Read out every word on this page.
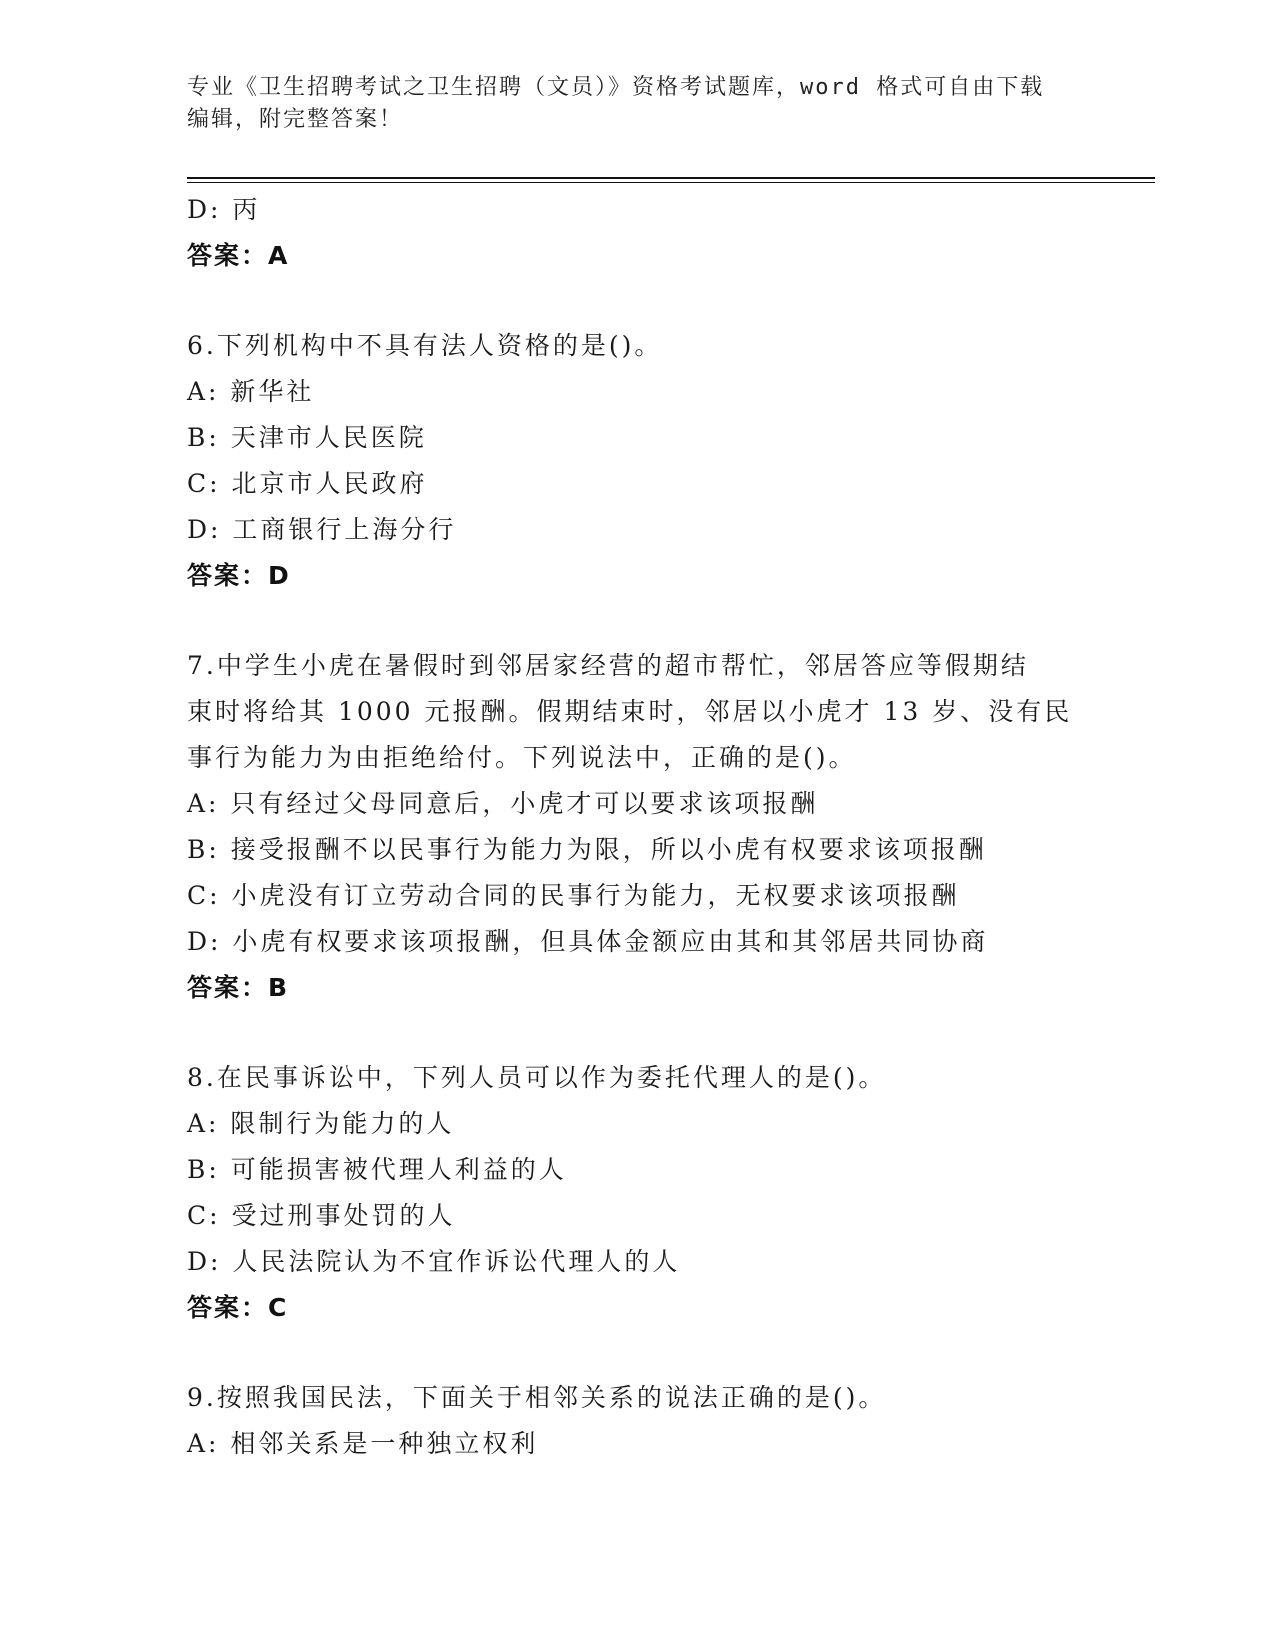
专业《卫生招聘考试之卫生招聘（文员）》资格考试题库，word 格式可自由下载
编辑，附完整答案！
D: 丙
答案：A
6.下列机构中不具有法人资格的是()。
A: 新华社
B: 天津市人民医院
C: 北京市人民政府
D: 工商银行上海分行
答案：D
7.中学生小虎在暑假时到邻居家经营的超市帮忙，邻居答应等假期结
束时将给其 1000 元报酬。假期结束时，邻居以小虎才 13 岁、没有民
事行为能力为由拒绝给付。下列说法中，正确的是()。
A: 只有经过父母同意后，小虎才可以要求该项报酬
B: 接受报酬不以民事行为能力为限，所以小虎有权要求该项报酬
C: 小虎没有订立劳动合同的民事行为能力，无权要求该项报酬
D: 小虎有权要求该项报酬，但具体金额应由其和其邻居共同协商
答案：B
8.在民事诉讼中，下列人员可以作为委托代理人的是()。
A: 限制行为能力的人
B: 可能损害被代理人利益的人
C: 受过刑事处罚的人
D: 人民法院认为不宜作诉讼代理人的人
答案：C
9.按照我国民法，下面关于相邻关系的说法正确的是()。
A: 相邻关系是一种独立权利
